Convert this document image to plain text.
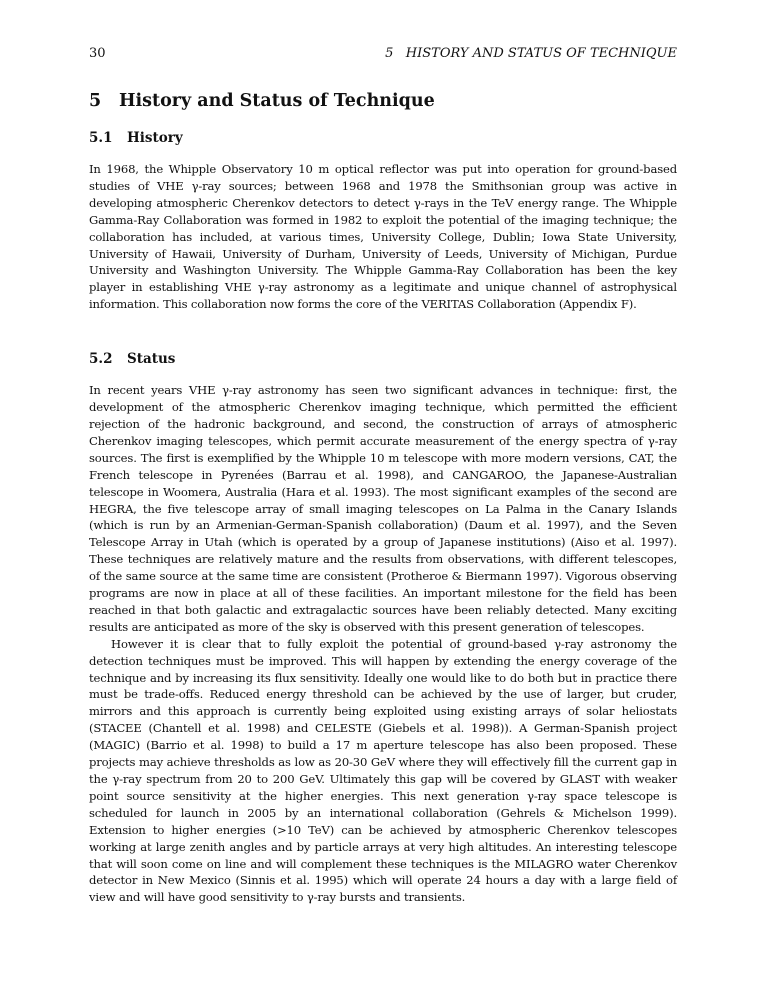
30	5   HISTORY AND STATUS OF TECHNIQUE
5 History and Status of Technique
5.1 History

In 1968, the Whipple Observatory 10 m optical reflector was put into operation for ground-based studies of VHE γ-ray sources; between 1968 and 1978 the Smithsonian group was active in developing atmospheric Cherenkov detectors to detect γ-rays in the TeV energy range. The Whipple Gamma-Ray Collaboration was formed in 1982 to exploit the potential of the imaging technique; the collaboration has included, at various times, University College, Dublin; Iowa State University, University of Hawaii, University of Durham, University of Leeds, University of Michigan, Purdue University and Washington University. The Whipple Gamma-Ray Collaboration has been the key player in establishing VHE γ-ray astronomy as a legitimate and unique channel of astrophysical information. This collaboration now forms the core of the VERITAS Collaboration (Appendix F).

5.2 Status

In recent years VHE γ-ray astronomy has seen two significant advances in technique: first, the development of the atmospheric Cherenkov imaging technique, which permitted the efficient rejection of the hadronic background, and second, the construction of arrays of atmospheric Cherenkov imaging telescopes, which permit accurate measurement of the energy spectra of γ-ray sources. The first is exemplified by the Whipple 10 m telescope with more modern versions, CAT, the French telescope in Pyrenées (Barrau et al. 1998), and CANGAROO, the Japanese-Australian telescope in Woomera, Australia (Hara et al. 1993). The most significant examples of the second are HEGRA, the five telescope array of small imaging telescopes on La Palma in the Canary Islands (which is run by an Armenian-German-Spanish collaboration) (Daum et al. 1997), and the Seven Telescope Array in Utah (which is operated by a group of Japanese institutions) (Aiso et al. 1997). These techniques are relatively mature and the results from observations, with different telescopes, of the same source at the same time are consistent (Protheroe & Biermann 1997). Vigorous observing programs are now in place at all of these facilities. An important milestone for the field has been reached in that both galactic and extragalactic sources have been reliably detected. Many exciting results are anticipated as more of the sky is observed with this present generation of telescopes.

However it is clear that to fully exploit the potential of ground-based γ-ray astronomy the detection techniques must be improved. This will happen by extending the energy coverage of the technique and by increasing its flux sensitivity. Ideally one would like to do both but in practice there must be trade-offs. Reduced energy threshold can be achieved by the use of larger, but cruder, mirrors and this approach is currently being exploited using existing arrays of solar heliostats (STACEE (Chantell et al. 1998) and CELESTE (Giebels et al. 1998)). A German-Spanish project (MAGIC) (Barrio et al. 1998) to build a 17 m aperture telescope has also been proposed. These projects may achieve thresholds as low as 20-30 GeV where they will effectively fill the current gap in the γ-ray spectrum from 20 to 200 GeV. Ultimately this gap will be covered by GLAST with weaker point source sensitivity at the higher energies. This next generation γ-ray space telescope is scheduled for launch in 2005 by an international collaboration (Gehrels & Michelson 1999). Extension to higher energies (>10 TeV) can be achieved by atmospheric Cherenkov telescopes working at large zenith angles and by particle arrays at very high altitudes. An interesting telescope that will soon come on line and will complement these techniques is the MILAGRO water Cherenkov detector in New Mexico (Sinnis et al. 1995) which will operate 24 hours a day with a large field of view and will have good sensitivity to γ-ray bursts and transients.
